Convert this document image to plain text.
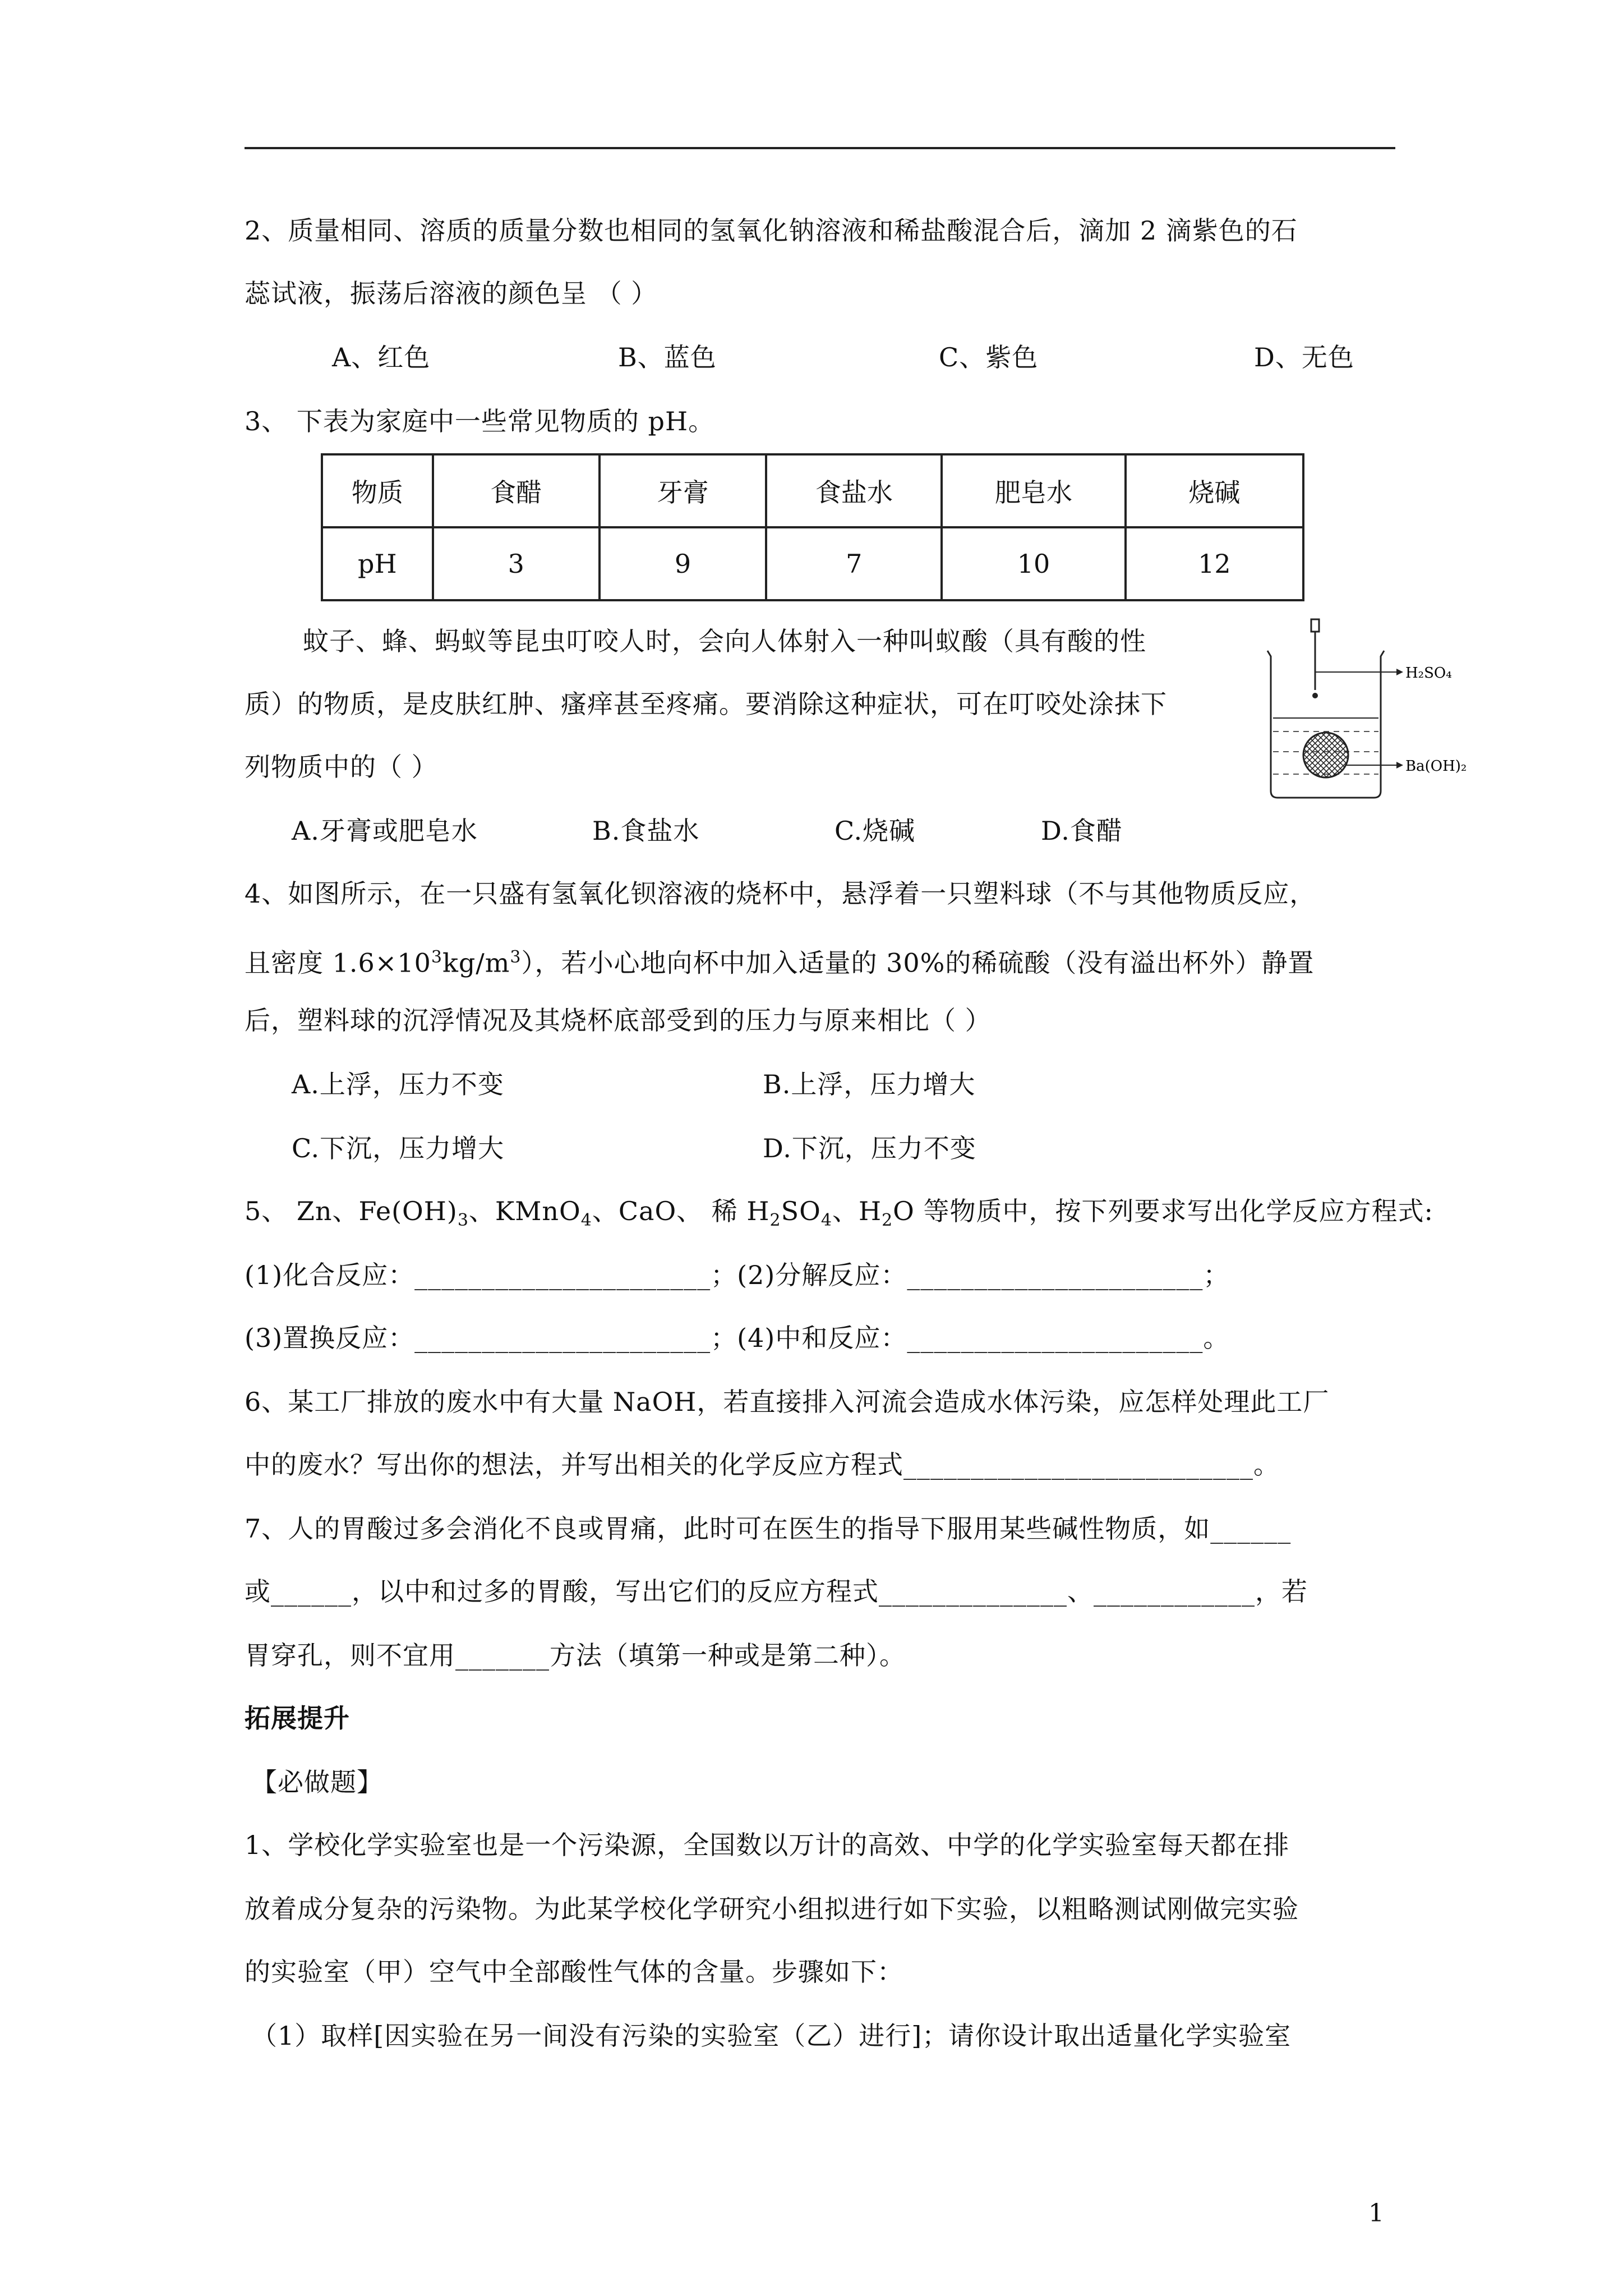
2、质量相同、溶质的质量分数也相同的氢氧化钠溶液和稀盐酸混合后，滴加 2 滴紫色的石
蕊试液，振荡后溶液的颜色呈 （ ）
A、红色	B、蓝色	C、紫色	D、无色
3、 下表为家庭中一些常见物质的 pH。
物质	食醋	牙膏	食盐水	肥皂水	烧碱
pH	3	9	7	10	12
蚊子、蜂、蚂蚁等昆虫叮咬人时，会向人体射入一种叫蚁酸（具有酸的性
质）的物质，是皮肤红肿、瘙痒甚至疼痛。要消除这种症状，可在叮咬处涂抹下
列物质中的（ ）
A.牙膏或肥皂水	B.食盐水	C.烧碱	D.食醋
H₂SO₄
Ba(OH)₂
4、如图所示，在一只盛有氢氧化钡溶液的烧杯中，悬浮着一只塑料球（不与其他物质反应，
且密度 $1.6\times 10^3kg/m^3$），若小心地向杯中加入适量的 30%的稀硫酸（没有溢出杯外）静置
后，塑料球的沉浮情况及其烧杯底部受到的压力与原来相比（ ）
A.上浮，压力不变	B.上浮，压力增大
C.下沉，压力增大	D.下沉，压力不变
5、 Zn、$Fe(OH)_3$、KMnO$_4$、CaO、 稀 $H_2SO_4$、$H_2O$ 等物质中，按下列要求写出化学反应方程式:
(1)化合反应：______________________；(2)分解反应：______________________；
(3)置换反应：______________________；(4)中和反应：______________________。
6、某工厂排放的废水中有大量 NaOH，若直接排入河流会造成水体污染，应怎样处理此工厂
中的废水？写出你的想法，并写出相关的化学反应方程式__________________________。
7、人的胃酸过多会消化不良或胃痛，此时可在医生的指导下服用某些碱性物质，如______
或______，以中和过多的胃酸，写出它们的反应方程式______________、____________，若
胃穿孔，则不宜用_______方法（填第一种或是第二种）。
拓展提升
【必做题】
1、学校化学实验室也是一个污染源，全国数以万计的高效、中学的化学实验室每天都在排
放着成分复杂的污染物。为此某学校化学研究小组拟进行如下实验，以粗略测试刚做完实验
的实验室（甲）空气中全部酸性气体的含量。步骤如下：
（1）取样[因实验在另一间没有污染的实验室（乙）进行]；请你设计取出适量化学实验室
1
